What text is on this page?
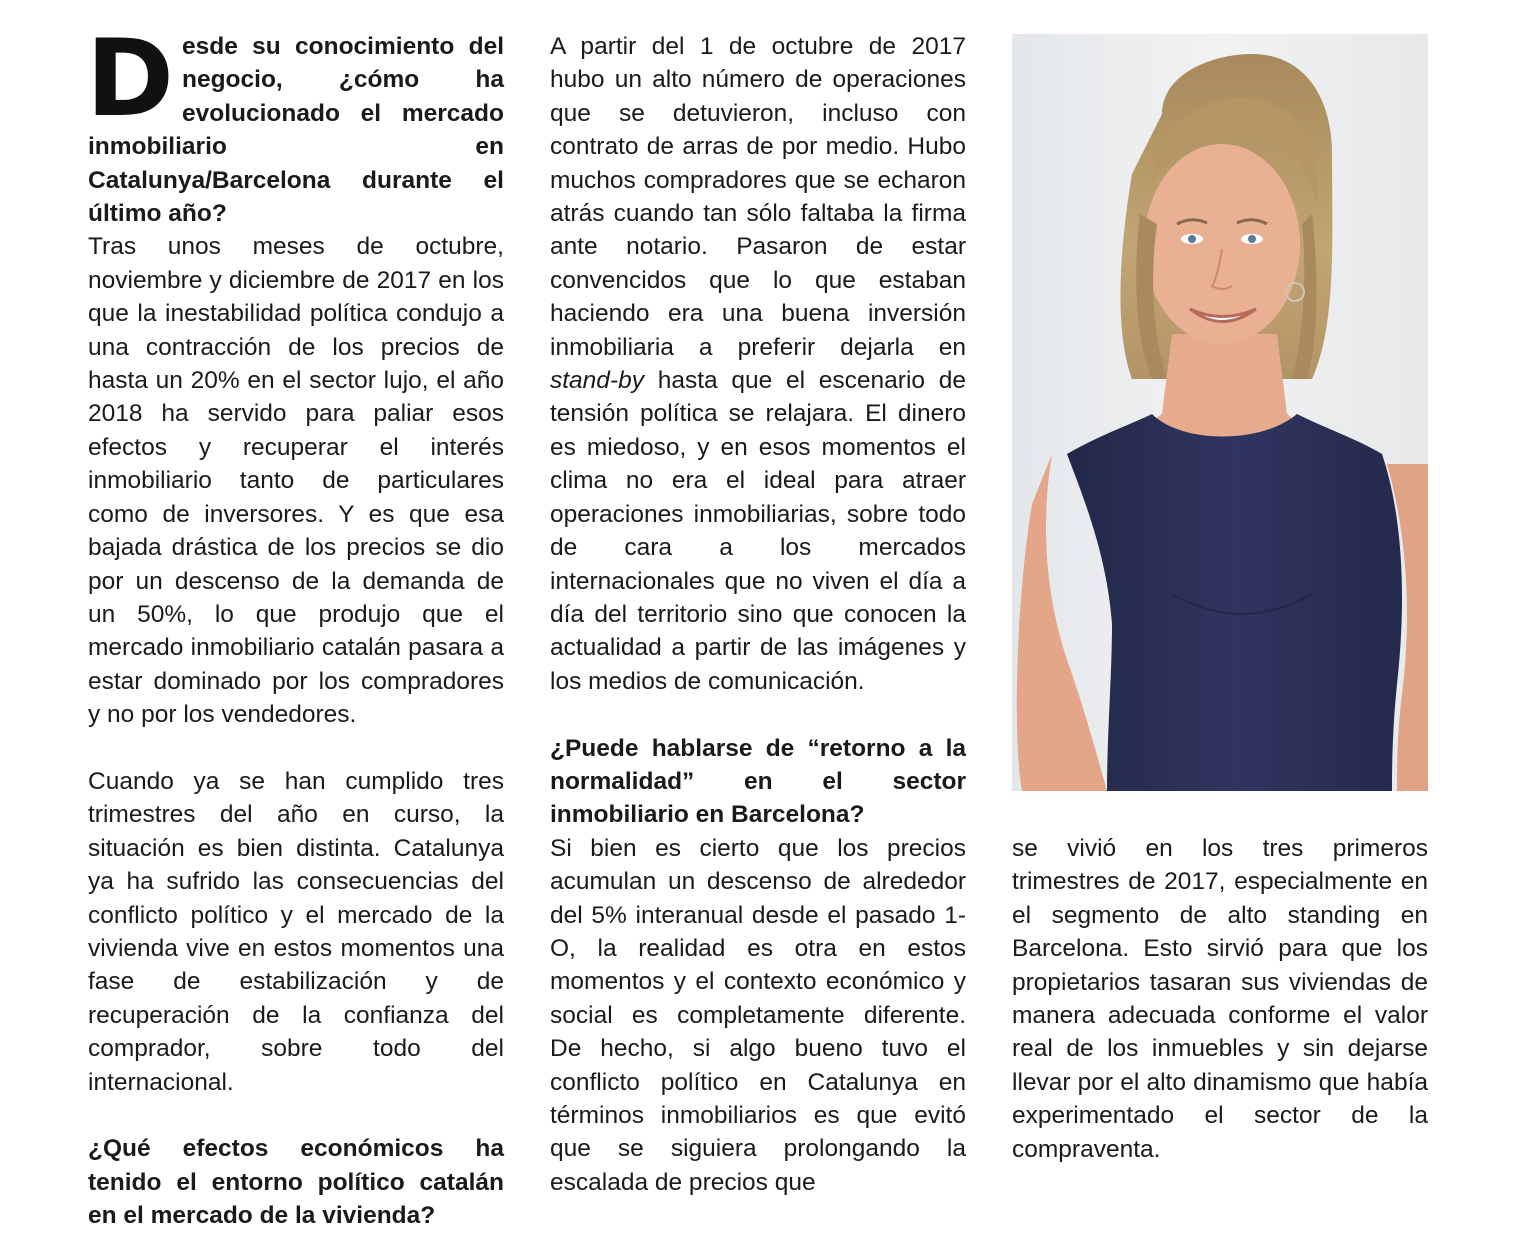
Desde su conocimiento del negocio, ¿cómo ha evolucionado el mercado inmobiliario en Catalunya/Barcelona durante el último año?

Tras unos meses de octubre, noviembre y diciembre de 2017 en los que la inestabilidad política condujo a una contracción de los precios de hasta un 20% en el sector lujo, el año 2018 ha servido para paliar esos efectos y recuperar el interés inmobiliario tanto de particulares como de inversores. Y es que esa bajada drástica de los precios se dio por un descenso de la demanda de un 50%, lo que produjo que el mercado inmobiliario catalán pasara a estar dominado por los compradores y no por los vendedores.

Cuando ya se han cumplido tres trimestres del año en curso, la situación es bien distinta. Catalunya ya ha sufrido las consecuencias del conflicto político y el mercado de la vivienda vive en estos momentos una fase de estabilización y de recuperación de la confianza del comprador, sobre todo del internacional.

¿Qué efectos económicos ha tenido el entorno político catalán en el mercado de la vivienda?

A partir del 1 de octubre de 2017 hubo un alto número de operaciones que se detuvieron, incluso con contrato de arras de por medio. Hubo muchos compradores que se echaron atrás cuando tan sólo faltaba la firma ante notario. Pasaron de estar convencidos que lo que estaban haciendo era una buena inversión inmobiliaria a preferir dejarla en stand-by hasta que el escenario de tensión política se relajara. El dinero es miedoso, y en esos momentos el clima no era el ideal para atraer operaciones inmobiliarias, sobre todo de cara a los mercados internacionales que no viven el día a día del territorio sino que conocen la actualidad a partir de las imágenes y los medios de comunicación.

¿Puede hablarse de “retorno a la normalidad” en el sector inmobiliario en Barcelona?

Si bien es cierto que los precios acumulan un descenso de alrededor del 5% interanual desde el pasado 1-O, la realidad es otra en estos momentos y el contexto económico y social es completamente diferente. De hecho, si algo bueno tuvo el conflicto político en Catalunya en términos inmobiliarios es que evitó que se siguiera prolongando la escalada de precios que

se vivió en los tres primeros trimestres de 2017, especialmente en el segmento de alto standing en Barcelona. Esto sirvió para que los propietarios tasaran sus viviendas de manera adecuada conforme el valor real de los inmuebles y sin dejarse llevar por el alto dinamismo que había experimentado el sector de la compraventa.
